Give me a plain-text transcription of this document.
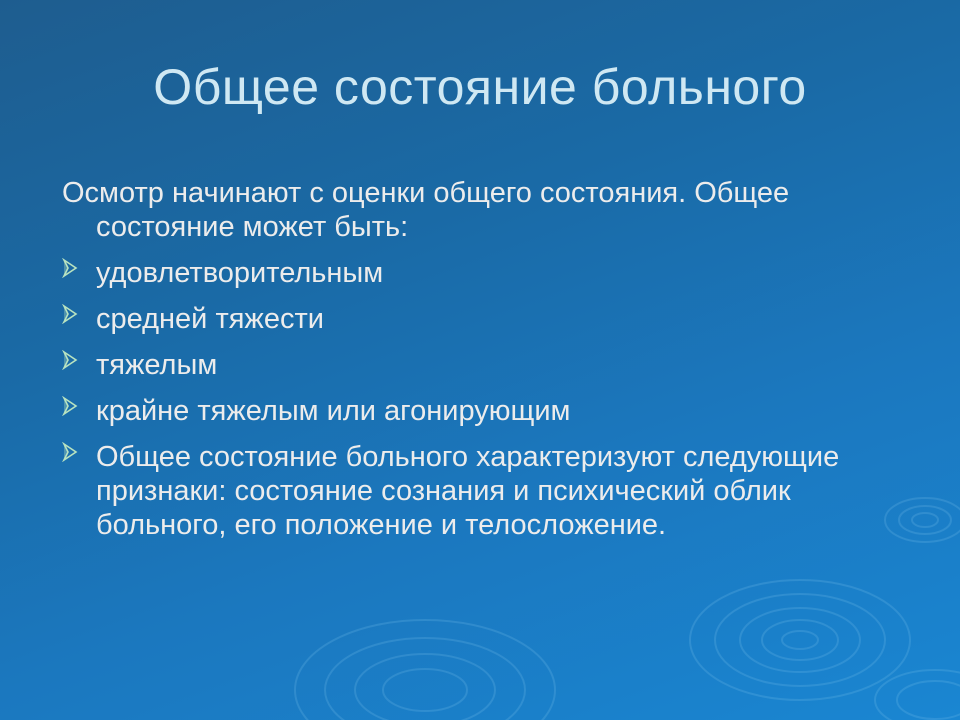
Общее состояние больного

Осмотр начинают с оценки общего состояния. Общее состояние может быть:

удовлетворительным
средней тяжести
тяжелым
крайне тяжелым или агонирующим
Общее состояние больного характеризуют следующие признаки: состояние сознания и психический облик больного, его положение и телосложение.
